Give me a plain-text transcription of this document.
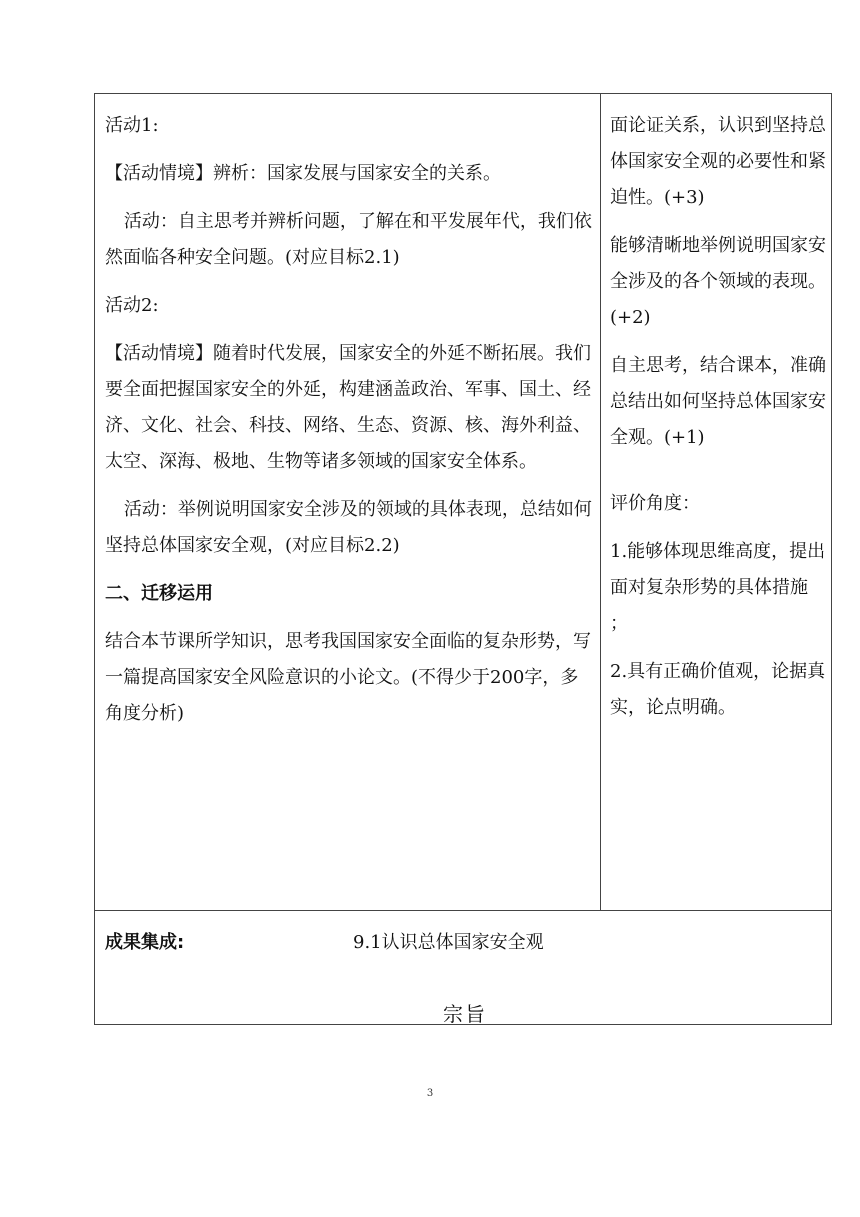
活动1:

【活动情境】辨析：国家发展与国家安全的关系。

活动：自主思考并辨析问题，了解在和平发展年代，我们依然面临各种安全问题。(对应目标2.1)

活动2:

【活动情境】随着时代发展，国家安全的外延不断拓展。我们要全面把握国家安全的外延，构建涵盖政治、军事、国土、经济、文化、社会、科技、网络、生态、资源、核、海外利益、太空、深海、极地、生物等诸多领域的国家安全体系。

活动：举例说明国家安全涉及的领域的具体表现，总结如何坚持总体国家安全观，(对应目标2.2)

二、迁移运用

结合本节课所学知识，思考我国国家安全面临的复杂形势，写一篇提高国家安全风险意识的小论文。(不得少于200字，多角度分析)

面论证关系，认识到坚持总体国家安全观的必要性和紧迫性。(+3)

能够清晰地举例说明国家安全涉及的各个领域的表现。(+2)

自主思考，结合课本，准确总结出如何坚持总体国家安全观。(+1)

评价角度：

1.能够体现思维高度，提出面对复杂形势的具体措施 ；

2.具有正确价值观，论据真实，论点明确。

成果集成:	9.1认识总体国家安全观
宗旨
3
